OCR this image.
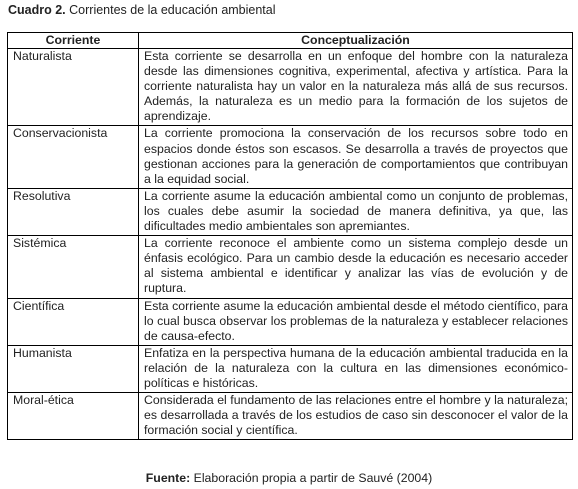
Cuadro 2. Corrientes de la educación ambiental
Corriente	Conceptualización
Naturalista	Esta corriente se desarrolla en un enfoque del hombre con la naturaleza desde las dimensiones cognitiva, experimental, afectiva y artística. Para la corriente naturalista hay un valor en la naturaleza más allá de sus recursos. Además, la naturaleza es un medio para la formación de los sujetos de aprendizaje.
Conservacionista	La corriente promociona la conservación de los recursos sobre todo en espacios donde éstos son escasos. Se desarrolla a través de proyectos que gestionan acciones para la generación de comportamientos que contribuyan a la equidad social.
Resolutiva	La corriente asume la educación ambiental como un conjunto de problemas, los cuales debe asumir la sociedad de manera definitiva, ya que, las dificultades medio ambientales son apremiantes.
Sistémica	La corriente reconoce el ambiente como un sistema complejo desde un énfasis ecológico. Para un cambio desde la educación es necesario acceder al sistema ambiental e identificar y analizar las vías de evolución y de ruptura.
Científica	Esta corriente asume la educación ambiental desde el método científico, para lo cual busca observar los problemas de la naturaleza y establecer relaciones de causa-efecto.
Humanista	Enfatiza en la perspectiva humana de la educación ambiental traducida en la relación de la naturaleza con la cultura en las dimensiones económico-políticas e históricas.
Moral-ética	Considerada el fundamento de las relaciones entre el hombre y la naturaleza; es desarrollada a través de los estudios de caso sin desconocer el valor de la formación social y científica.
Fuente: Elaboración propia a partir de Sauvé (2004)
